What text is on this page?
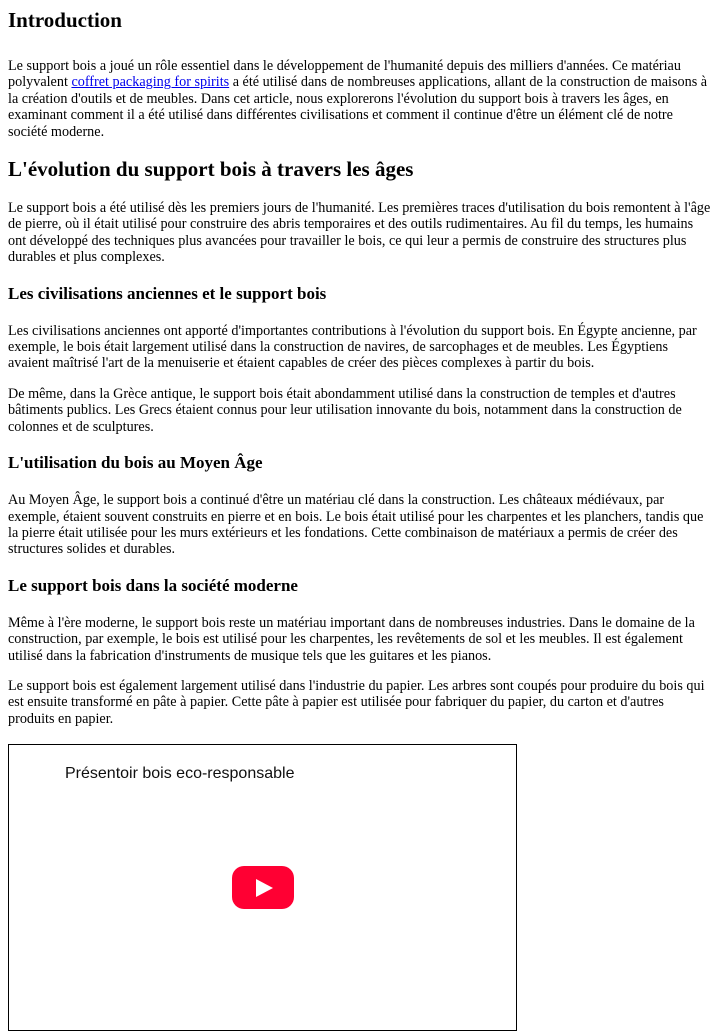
Introduction

Le support bois a joué un rôle essentiel dans le développement de l'humanité depuis des milliers d'années. Ce matériau polyvalent coffret packaging for spirits a été utilisé dans de nombreuses applications, allant de la construction de maisons à la création d'outils et de meubles. Dans cet article, nous explorerons l'évolution du support bois à travers les âges, en examinant comment il a été utilisé dans différentes civilisations et comment il continue d'être un élément clé de notre société moderne.

L'évolution du support bois à travers les âges

Le support bois a été utilisé dès les premiers jours de l'humanité. Les premières traces d'utilisation du bois remontent à l'âge de pierre, où il était utilisé pour construire des abris temporaires et des outils rudimentaires. Au fil du temps, les humains ont développé des techniques plus avancées pour travailler le bois, ce qui leur a permis de construire des structures plus durables et plus complexes.

Les civilisations anciennes et le support bois

Les civilisations anciennes ont apporté d'importantes contributions à l'évolution du support bois. En Égypte ancienne, par exemple, le bois était largement utilisé dans la construction de navires, de sarcophages et de meubles. Les Égyptiens avaient maîtrisé l'art de la menuiserie et étaient capables de créer des pièces complexes à partir du bois.

De même, dans la Grèce antique, le support bois était abondamment utilisé dans la construction de temples et d'autres bâtiments publics. Les Grecs étaient connus pour leur utilisation innovante du bois, notamment dans la construction de colonnes et de sculptures.

L'utilisation du bois au Moyen Âge

Au Moyen Âge, le support bois a continué d'être un matériau clé dans la construction. Les châteaux médiévaux, par exemple, étaient souvent construits en pierre et en bois. Le bois était utilisé pour les charpentes et les planchers, tandis que la pierre était utilisée pour les murs extérieurs et les fondations. Cette combinaison de matériaux a permis de créer des structures solides et durables.

Le support bois dans la société moderne

Même à l'ère moderne, le support bois reste un matériau important dans de nombreuses industries. Dans le domaine de la construction, par exemple, le bois est utilisé pour les charpentes, les revêtements de sol et les meubles. Il est également utilisé dans la fabrication d'instruments de musique tels que les guitares et les pianos.

Le support bois est également largement utilisé dans l'industrie du papier. Les arbres sont coupés pour produire du bois qui est ensuite transformé en pâte à papier. Cette pâte à papier est utilisée pour fabriquer du papier, du carton et d'autres produits en papier.

Présentoir bois eco-responsable
